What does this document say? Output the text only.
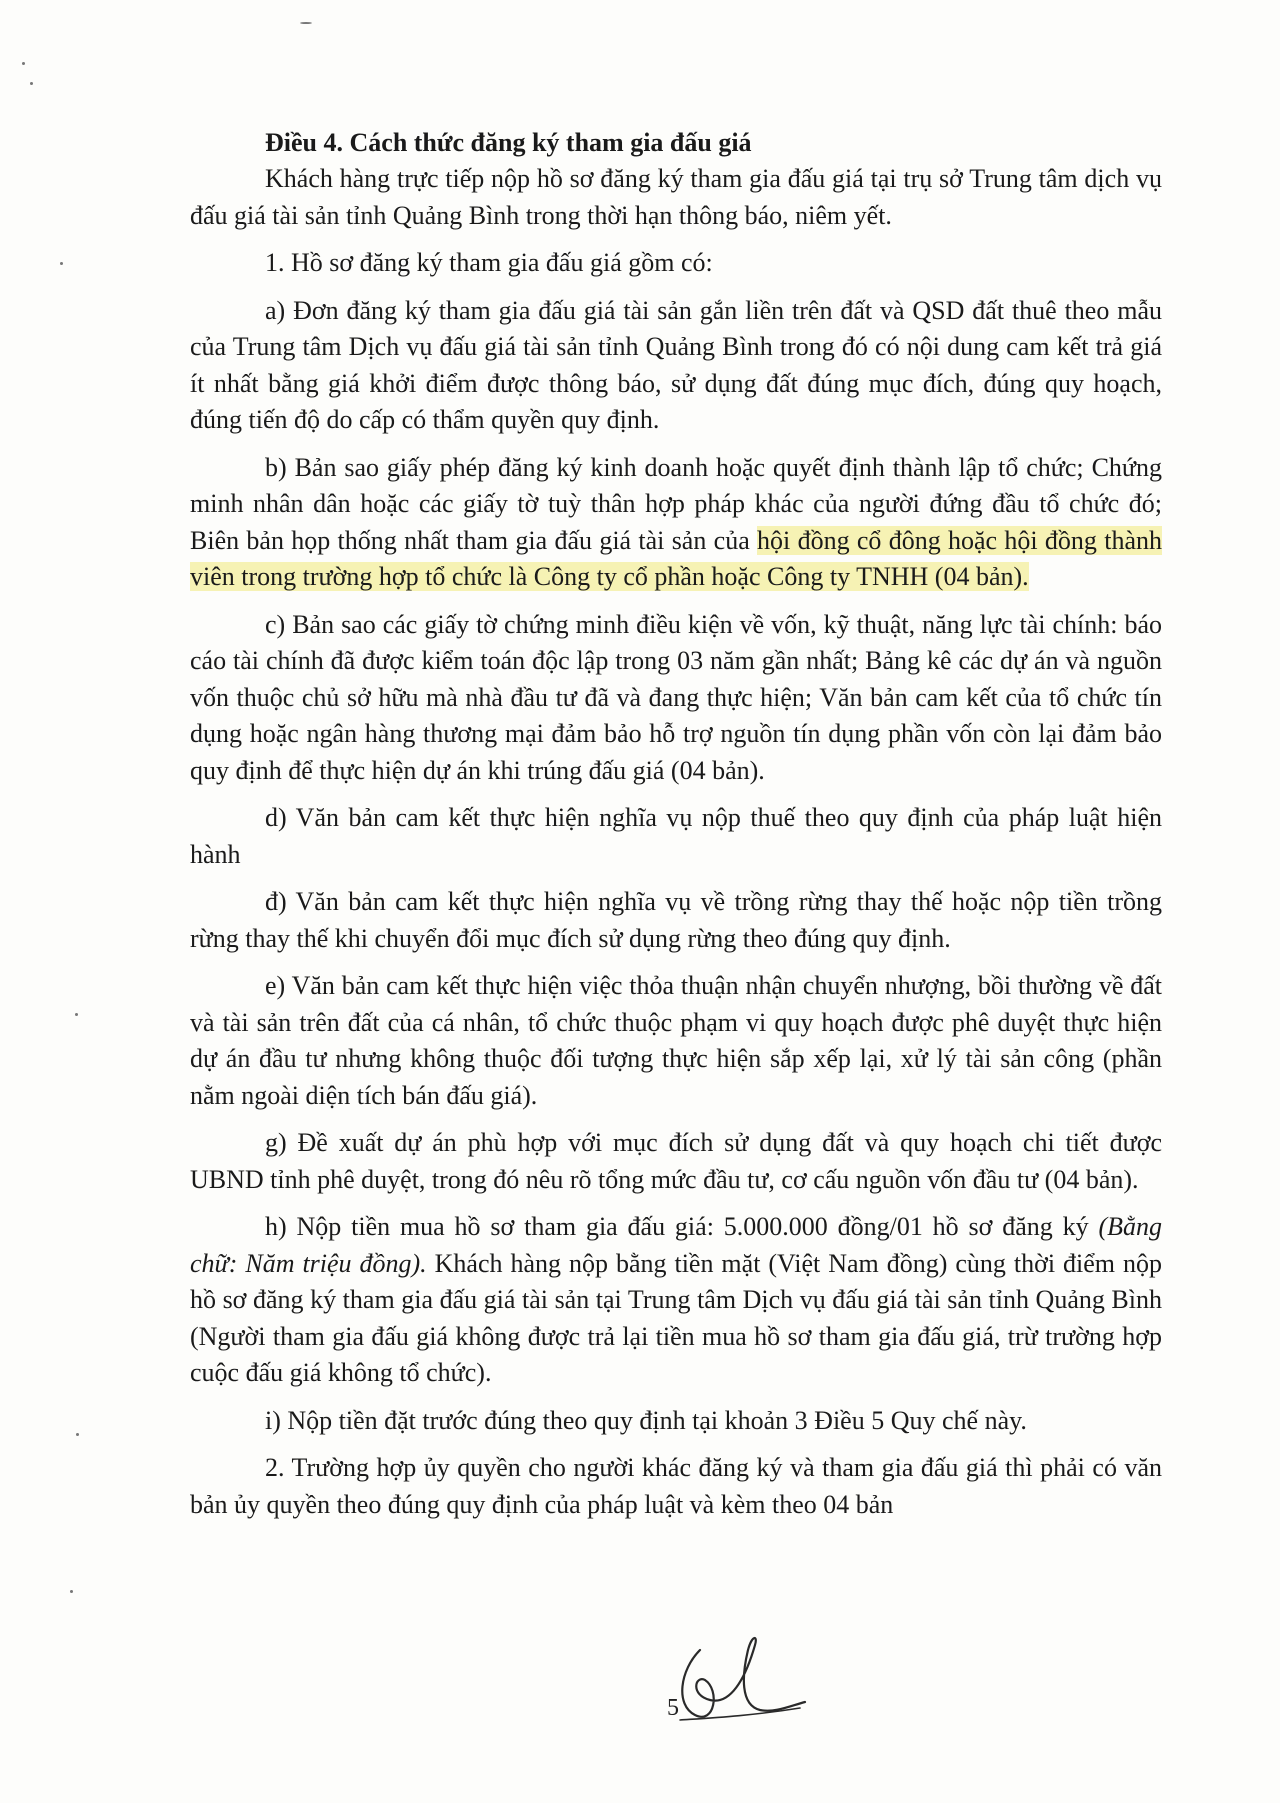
Điều 4. Cách thức đăng ký tham gia đấu giá

Khách hàng trực tiếp nộp hồ sơ đăng ký tham gia đấu giá tại trụ sở Trung tâm dịch vụ đấu giá tài sản tỉnh Quảng Bình trong thời hạn thông báo, niêm yết.

1. Hồ sơ đăng ký tham gia đấu giá gồm có:

a) Đơn đăng ký tham gia đấu giá tài sản gắn liền trên đất và QSD đất thuê theo mẫu của Trung tâm Dịch vụ đấu giá tài sản tỉnh Quảng Bình trong đó có nội dung cam kết trả giá ít nhất bằng giá khởi điểm được thông báo, sử dụng đất đúng mục đích, đúng quy hoạch, đúng tiến độ do cấp có thẩm quyền quy định.

b) Bản sao giấy phép đăng ký kinh doanh hoặc quyết định thành lập tổ chức; Chứng minh nhân dân hoặc các giấy tờ tuỳ thân hợp pháp khác của người đứng đầu tổ chức đó; Biên bản họp thống nhất tham gia đấu giá tài sản của hội đồng cổ đông hoặc hội đồng thành viên trong trường hợp tổ chức là Công ty cổ phần hoặc Công ty TNHH (04 bản).

c) Bản sao các giấy tờ chứng minh điều kiện về vốn, kỹ thuật, năng lực tài chính: báo cáo tài chính đã được kiểm toán độc lập trong 03 năm gần nhất; Bảng kê các dự án và nguồn vốn thuộc chủ sở hữu mà nhà đầu tư đã và đang thực hiện; Văn bản cam kết của tổ chức tín dụng hoặc ngân hàng thương mại đảm bảo hỗ trợ nguồn tín dụng phần vốn còn lại đảm bảo quy định để thực hiện dự án khi trúng đấu giá (04 bản).

d) Văn bản cam kết thực hiện nghĩa vụ nộp thuế theo quy định của pháp luật hiện hành

đ) Văn bản cam kết thực hiện nghĩa vụ về trồng rừng thay thế hoặc nộp tiền trồng rừng thay thế khi chuyển đổi mục đích sử dụng rừng theo đúng quy định.

e) Văn bản cam kết thực hiện việc thỏa thuận nhận chuyển nhượng, bồi thường về đất và tài sản trên đất của cá nhân, tổ chức thuộc phạm vi quy hoạch được phê duyệt thực hiện dự án đầu tư nhưng không thuộc đối tượng thực hiện sắp xếp lại, xử lý tài sản công (phần nằm ngoài diện tích bán đấu giá).

g) Đề xuất dự án phù hợp với mục đích sử dụng đất và quy hoạch chi tiết được UBND tỉnh phê duyệt, trong đó nêu rõ tổng mức đầu tư, cơ cấu nguồn vốn đầu tư (04 bản).

h) Nộp tiền mua hồ sơ tham gia đấu giá: 5.000.000 đồng/01 hồ sơ đăng ký (Bằng chữ: Năm triệu đồng). Khách hàng nộp bằng tiền mặt (Việt Nam đồng) cùng thời điểm nộp hồ sơ đăng ký tham gia đấu giá tài sản tại Trung tâm Dịch vụ đấu giá tài sản tỉnh Quảng Bình (Người tham gia đấu giá không được trả lại tiền mua hồ sơ tham gia đấu giá, trừ trường hợp cuộc đấu giá không tổ chức).

i) Nộp tiền đặt trước đúng theo quy định tại khoản 3 Điều 5 Quy chế này.

2. Trường hợp ủy quyền cho người khác đăng ký và tham gia đấu giá thì phải có văn bản ủy quyền theo đúng quy định của pháp luật và kèm theo 04 bản

5
